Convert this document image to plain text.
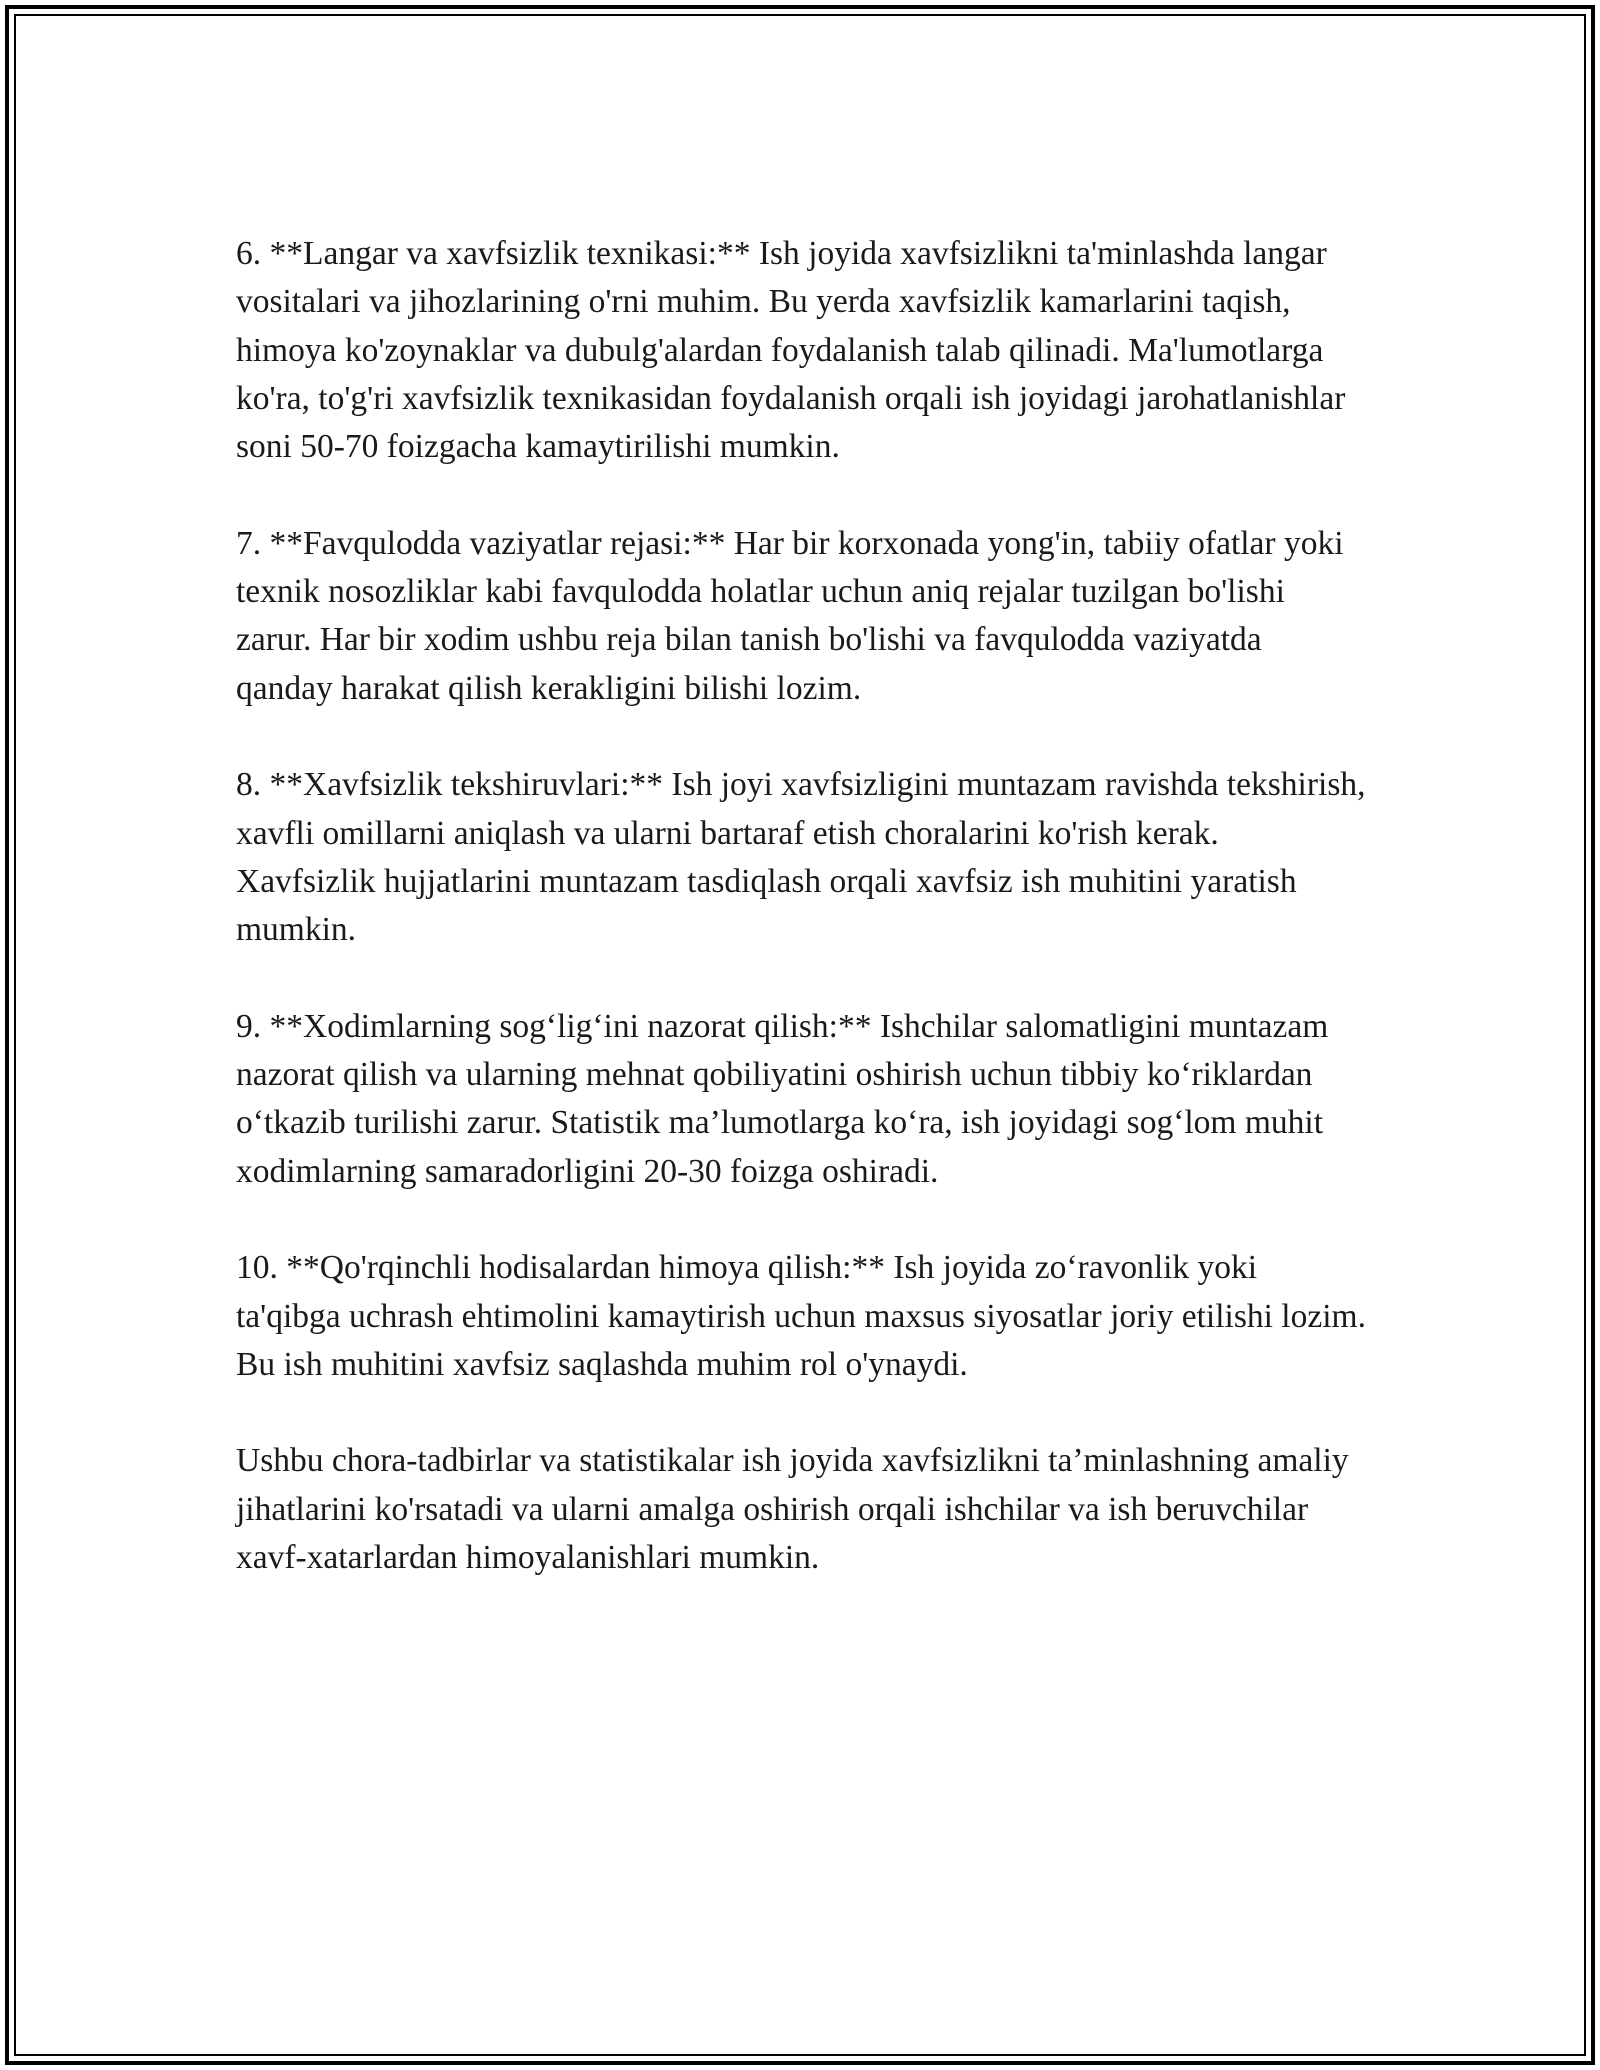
6. **Langar va xavfsizlik texnikasi:** Ish joyida xavfsizlikni ta'minlashda langar vositalari va jihozlarining o'rni muhim. Bu yerda xavfsizlik kamarlarini taqish, himoya ko'zoynaklar va dubulg'alardan foydalanish talab qilinadi. Ma'lumotlarga ko'ra, to'g'ri xavfsizlik texnikasidan foydalanish orqali ish joyidagi jarohatlanishlar soni 50-70 foizgacha kamaytirilishi mumkin.

7. **Favqulodda vaziyatlar rejasi:** Har bir korxonada yong'in, tabiiy ofatlar yoki texnik nosozliklar kabi favqulodda holatlar uchun aniq rejalar tuzilgan bo'lishi zarur. Har bir xodim ushbu reja bilan tanish bo'lishi va favqulodda vaziyatda qanday harakat qilish kerakligini bilishi lozim.

8. **Xavfsizlik tekshiruvlari:** Ish joyi xavfsizligini muntazam ravishda tekshirish, xavfli omillarni aniqlash va ularni bartaraf etish choralarini ko'rish kerak. Xavfsizlik hujjatlarini muntazam tasdiqlash orqali xavfsiz ish muhitini yaratish mumkin.

9. **Xodimlarning sog‘lig‘ini nazorat qilish:** Ishchilar salomatligini muntazam nazorat qilish va ularning mehnat qobiliyatini oshirish uchun tibbiy ko‘riklardan o‘tkazib turilishi zarur. Statistik ma’lumotlarga ko‘ra, ish joyidagi sog‘lom muhit xodimlarning samaradorligini 20-30 foizga oshiradi.

10. **Qo'rqinchli hodisalardan himoya qilish:** Ish joyida zo‘ravonlik yoki ta'qibga uchrash ehtimolini kamaytirish uchun maxsus siyosatlar joriy etilishi lozim. Bu ish muhitini xavfsiz saqlashda muhim rol o'ynaydi.

Ushbu chora-tadbirlar va statistikalar ish joyida xavfsizlikni ta’minlashning amaliy jihatlarini ko'rsatadi va ularni amalga oshirish orqali ishchilar va ish beruvchilar xavf-xatarlardan himoyalanishlari mumkin.
